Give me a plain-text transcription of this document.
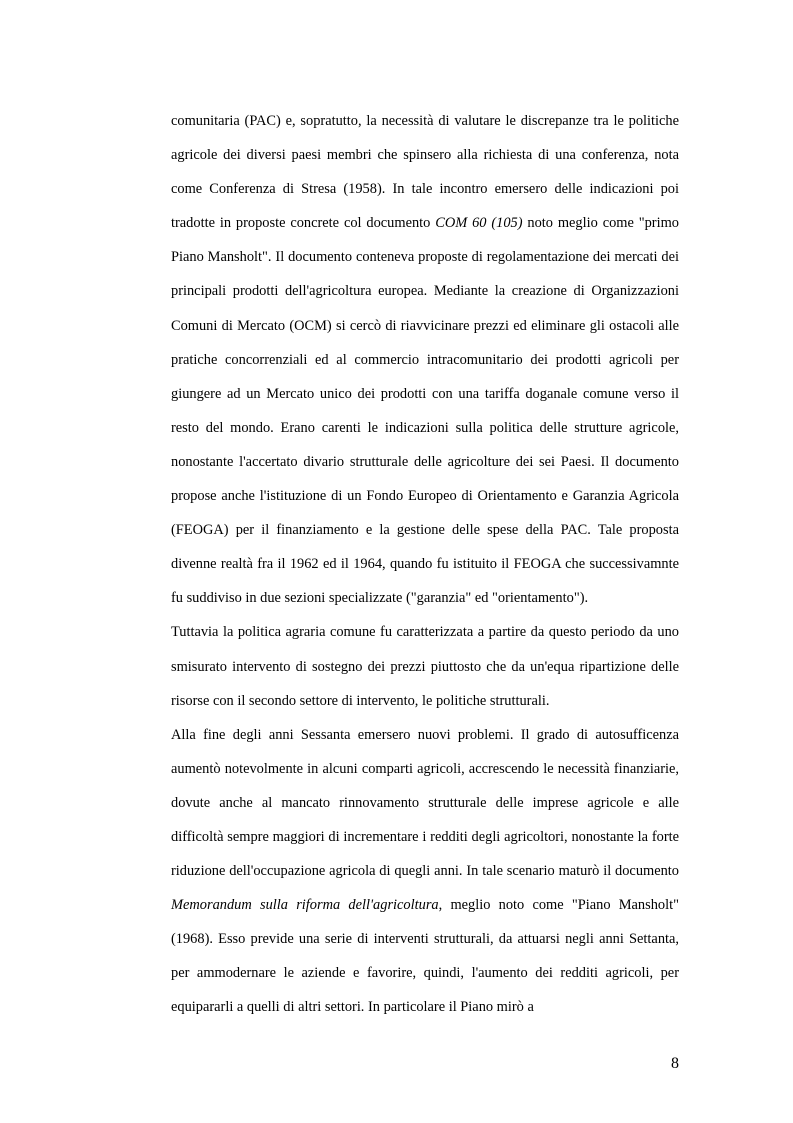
comunitaria (PAC) e, sopratutto, la necessità di valutare le discrepanze tra le politiche agricole dei diversi paesi membri che spinsero alla richiesta di una conferenza, nota come Conferenza di Stresa (1958). In tale incontro emersero delle indicazioni poi tradotte in proposte concrete col documento COM 60 (105) noto meglio come "primo Piano Mansholt". Il documento conteneva proposte di regolamentazione dei mercati dei principali prodotti dell'agricoltura europea. Mediante la creazione di Organizzazioni Comuni di Mercato (OCM) si cercò di riavvicinare prezzi ed eliminare gli ostacoli alle pratiche concorrenziali ed al commercio intracomunitario dei prodotti agricoli per giungere ad un Mercato unico dei prodotti con una tariffa doganale comune verso il resto del mondo. Erano carenti le indicazioni sulla politica delle strutture agricole, nonostante l'accertato divario strutturale delle agricolture dei sei Paesi. Il documento propose anche l'istituzione di un Fondo Europeo di Orientamento e Garanzia Agricola (FEOGA) per il finanziamento e la gestione delle spese della PAC. Tale proposta divenne realtà fra il 1962 ed il 1964, quando fu istituito il FEOGA che successivamnte fu suddiviso in due sezioni specializzate ("garanzia" ed "orientamento").

Tuttavia la politica agraria comune fu caratterizzata a partire da questo periodo da uno smisurato intervento di sostegno dei prezzi piuttosto che da un'equa ripartizione delle risorse con il secondo settore di intervento, le politiche strutturali.

Alla fine degli anni Sessanta emersero nuovi problemi. Il grado di autosufficenza aumentò notevolmente in alcuni comparti agricoli, accrescendo le necessità finanziarie, dovute anche al mancato rinnovamento strutturale delle imprese agricole e alle difficoltà sempre maggiori di incrementare i redditi degli agricoltori, nonostante la forte riduzione dell'occupazione agricola di quegli anni. In tale scenario maturò il documento Memorandum sulla riforma dell'agricoltura, meglio noto come "Piano Mansholt" (1968). Esso previde una serie di interventi strutturali, da attuarsi negli anni Settanta, per ammodernare le aziende e favorire, quindi, l'aumento dei redditi agricoli, per equipararli a quelli di altri settori. In particolare il Piano mirò a

8
